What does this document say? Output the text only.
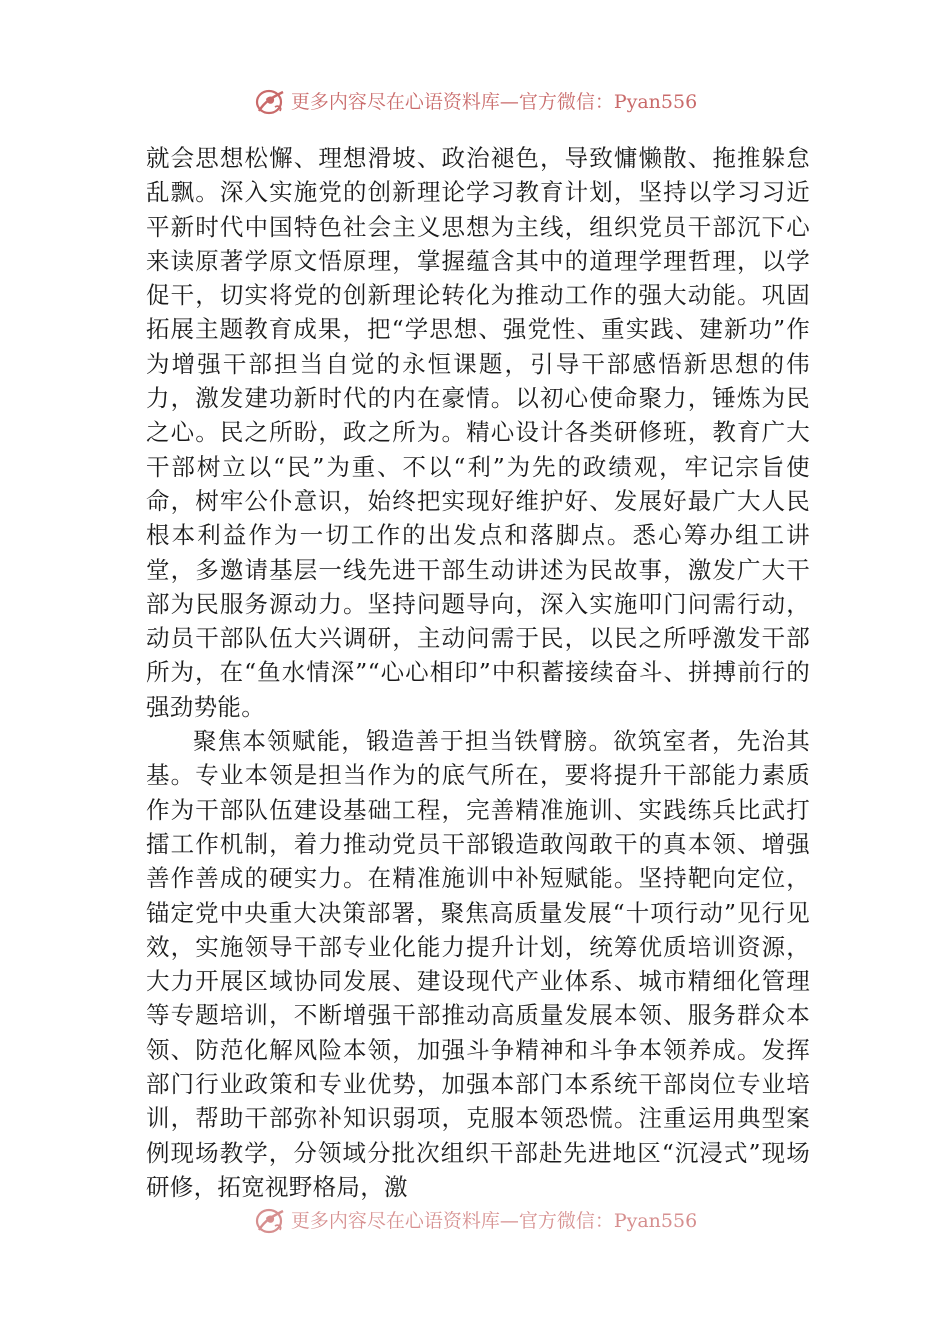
更多内容尽在心语资料库—官方微信：Pyan556

就会思想松懈、理想滑坡、政治褪色，导致慵懒散、拖推躲怠乱飘。深入实施党的创新理论学习教育计划，坚持以学习习近平新时代中国特色社会主义思想为主线，组织党员干部沉下心来读原著学原文悟原理，掌握蕴含其中的道理学理哲理，以学促干，切实将党的创新理论转化为推动工作的强大动能。巩固拓展主题教育成果，把“学思想、强党性、重实践、建新功”作为增强干部担当自觉的永恒课题，引导干部感悟新思想的伟力，激发建功新时代的内在豪情。以初心使命聚力，锤炼为民之心。民之所盼，政之所为。精心设计各类研修班，教育广大干部树立以“民”为重、不以“利”为先的政绩观，牢记宗旨使命，树牢公仆意识，始终把实现好维护好、发展好最广大人民根本利益作为一切工作的出发点和落脚点。悉心筹办组工讲堂，多邀请基层一线先进干部生动讲述为民故事，激发广大干部为民服务源动力。坚持问题导向，深入实施叩门问需行动，动员干部队伍大兴调研，主动问需于民，以民之所呼激发干部所为，在“鱼水情深”“心心相印”中积蓄接续奋斗、拼搏前行的强劲势能。

聚焦本领赋能，锻造善于担当铁臂膀。欲筑室者，先治其基。专业本领是担当作为的底气所在，要将提升干部能力素质作为干部队伍建设基础工程，完善精准施训、实践练兵比武打擂工作机制，着力推动党员干部锻造敢闯敢干的真本领、增强善作善成的硬实力。在精准施训中补短赋能。坚持靶向定位，锚定党中央重大决策部署，聚焦高质量发展“十项行动”见行见效，实施领导干部专业化能力提升计划，统筹优质培训资源，大力开展区域协同发展、建设现代产业体系、城市精细化管理等专题培训，不断增强干部推动高质量发展本领、服务群众本领、防范化解风险本领，加强斗争精神和斗争本领养成。发挥部门行业政策和专业优势，加强本部门本系统干部岗位专业培训，帮助干部弥补知识弱项，克服本领恐慌。注重运用典型案例现场教学，分领域分批次组织干部赴先进地区“沉浸式”现场研修，拓宽视野格局，激

更多内容尽在心语资料库—官方微信：Pyan556
